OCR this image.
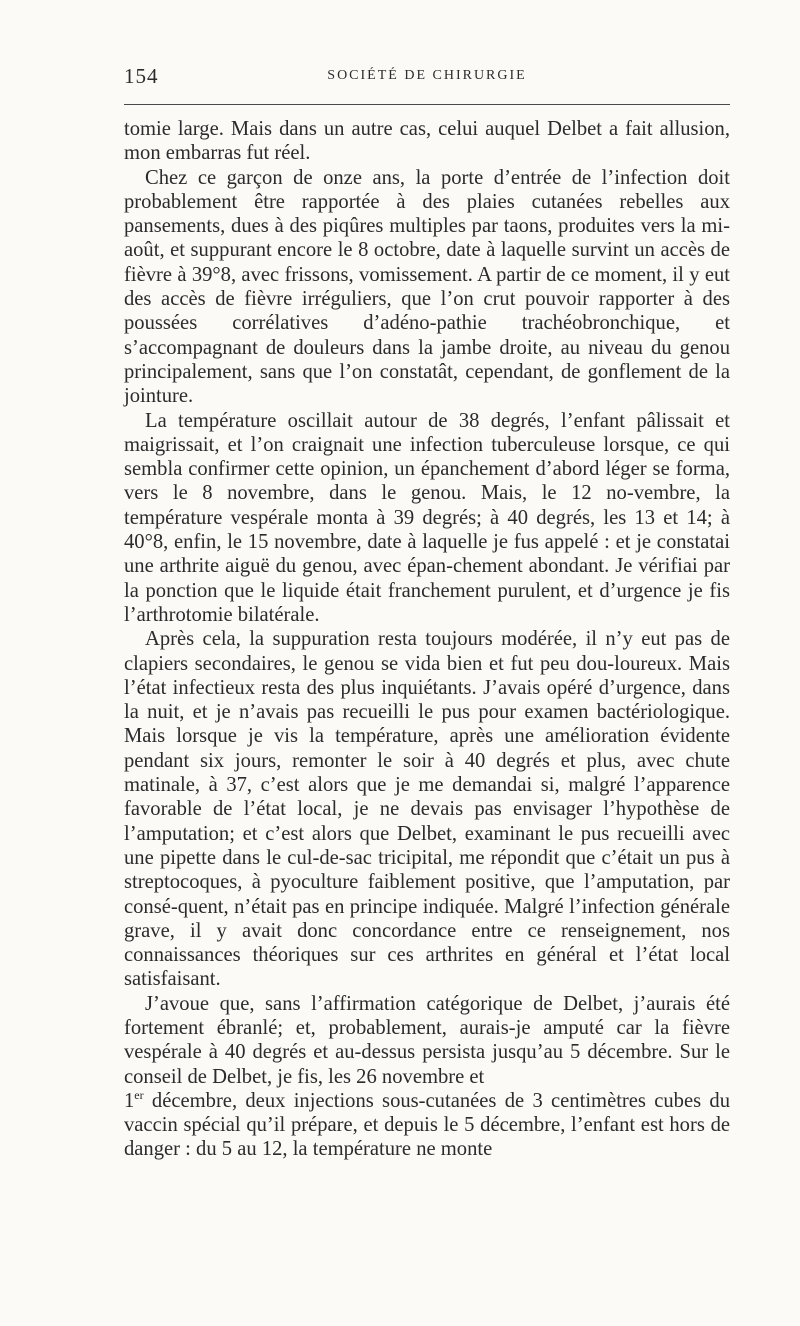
154	SOCIÉTÉ DE CHIRURGIE

tomie large. Mais dans un autre cas, celui auquel Delbet a fait allusion, mon embarras fut réel.

Chez ce garçon de onze ans, la porte d’entrée de l’infection doit probablement être rapportée à des plaies cutanées rebelles aux pansements, dues à des piqûres multiples par taons, produites vers la mi-août, et suppurant encore le 8 octobre, date à laquelle survint un accès de fièvre à 39°8, avec frissons, vomissement. A partir de ce moment, il y eut des accès de fièvre irréguliers, que l’on crut pouvoir rapporter à des poussées corrélatives d’adéno-pathie trachéobronchique, et s’accompagnant de douleurs dans la jambe droite, au niveau du genou principalement, sans que l’on constatât, cependant, de gonflement de la jointure.

La température oscillait autour de 38 degrés, l’enfant pâlissait et maigrissait, et l’on craignait une infection tuberculeuse lorsque, ce qui sembla confirmer cette opinion, un épanchement d’abord léger se forma, vers le 8 novembre, dans le genou. Mais, le 12 no-vembre, la température vespérale monta à 39 degrés; à 40 degrés, les 13 et 14; à 40°8, enfin, le 15 novembre, date à laquelle je fus appelé : et je constatai une arthrite aiguë du genou, avec épan-chement abondant. Je vérifiai par la ponction que le liquide était franchement purulent, et d’urgence je fis l’arthrotomie bilatérale.

Après cela, la suppuration resta toujours modérée, il n’y eut pas de clapiers secondaires, le genou se vida bien et fut peu dou-loureux. Mais l’état infectieux resta des plus inquiétants. J’avais opéré d’urgence, dans la nuit, et je n’avais pas recueilli le pus pour examen bactériologique. Mais lorsque je vis la température, après une amélioration évidente pendant six jours, remonter le soir à 40 degrés et plus, avec chute matinale, à 37, c’est alors que je me demandai si, malgré l’apparence favorable de l’état local, je ne devais pas envisager l’hypothèse de l’amputation; et c’est alors que Delbet, examinant le pus recueilli avec une pipette dans le cul-de-sac tricipital, me répondit que c’était un pus à streptocoques, à pyoculture faiblement positive, que l’amputation, par consé-quent, n’était pas en principe indiquée. Malgré l’infection générale grave, il y avait donc concordance entre ce renseignement, nos connaissances théoriques sur ces arthrites en général et l’état local satisfaisant.

J’avoue que, sans l’affirmation catégorique de Delbet, j’aurais été fortement ébranlé; et, probablement, aurais-je amputé car la fièvre vespérale à 40 degrés et au-dessus persista jusqu’au 5 décembre. Sur le conseil de Delbet, je fis, les 26 novembre et

1er décembre, deux injections sous-cutanées de 3 centimètres cubes du vaccin spécial qu’il prépare, et depuis le 5 décembre, l’enfant est hors de danger : du 5 au 12, la température ne monte
